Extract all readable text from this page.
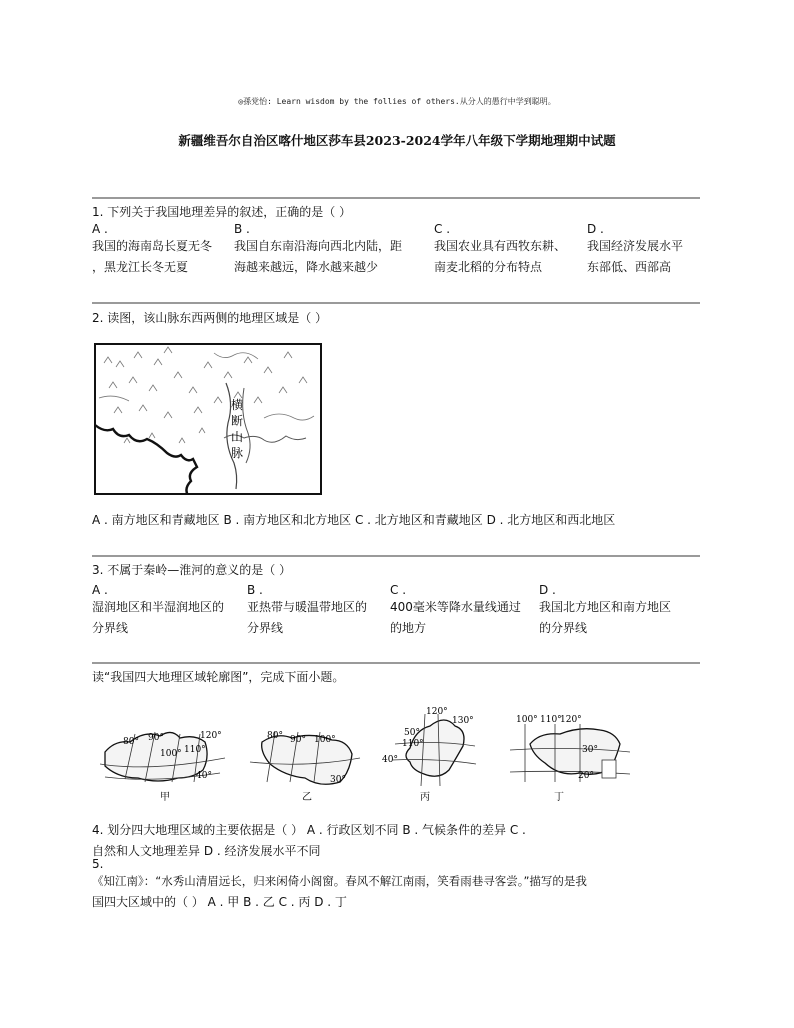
◎孫党怡: Learn wisdom by the follies of others.从分人的愚行中学到聪明。
新疆维吾尔自治区喀什地区莎车县2023-2024学年八年级下学期地理期中试题
1. 下列关于我国地理差异的叙述，正确的是（ ）
A .
我国的海南岛长夏无冬
，黑龙江长冬无夏
B .
我国自东南沿海向西北内陆，距
海越来越远，降水越来越少
C .
我国农业具有西牧东耕、
南麦北稻的分布特点
D .
我国经济发展水平
东部低、西部高
2. 读图，该山脉东西两侧的地理区域是（ ）
横
断
山
脉
A . 南方地区和青藏地区 B . 南方地区和北方地区 C . 北方地区和青藏地区 D . 北方地区和西北地区
3. 不属于秦岭—淮河的意义的是（ ）
A .
湿润地区和半湿润地区的
分界线
B .
亚热带与暖温带地区的
分界线
C .
400毫米等降水量线通过
的地方
D .
我国北方地区和南方地区
的分界线
读“我国四大地理区域轮廓图”，完成下面小题。
80° 90°
100° 110°
120°
40°
甲
80° 90° 100°
30°
乙
120°
130°
50°
110°
40°
丙
100° 110°
120°
30°
20°
丁
4. 划分四大地理区域的主要依据是（ ） A . 行政区划不同 B . 气候条件的差异 C .
自然和人文地理差异 D . 经济发展水平不同
5.
《知江南》：“水秀山清眉远长，归来闲倚小阁窗。春风不解江南雨，笑看雨巷寻客尝。”描写的是我
国四大区域中的（ ） A . 甲 B . 乙 C . 丙 D . 丁
